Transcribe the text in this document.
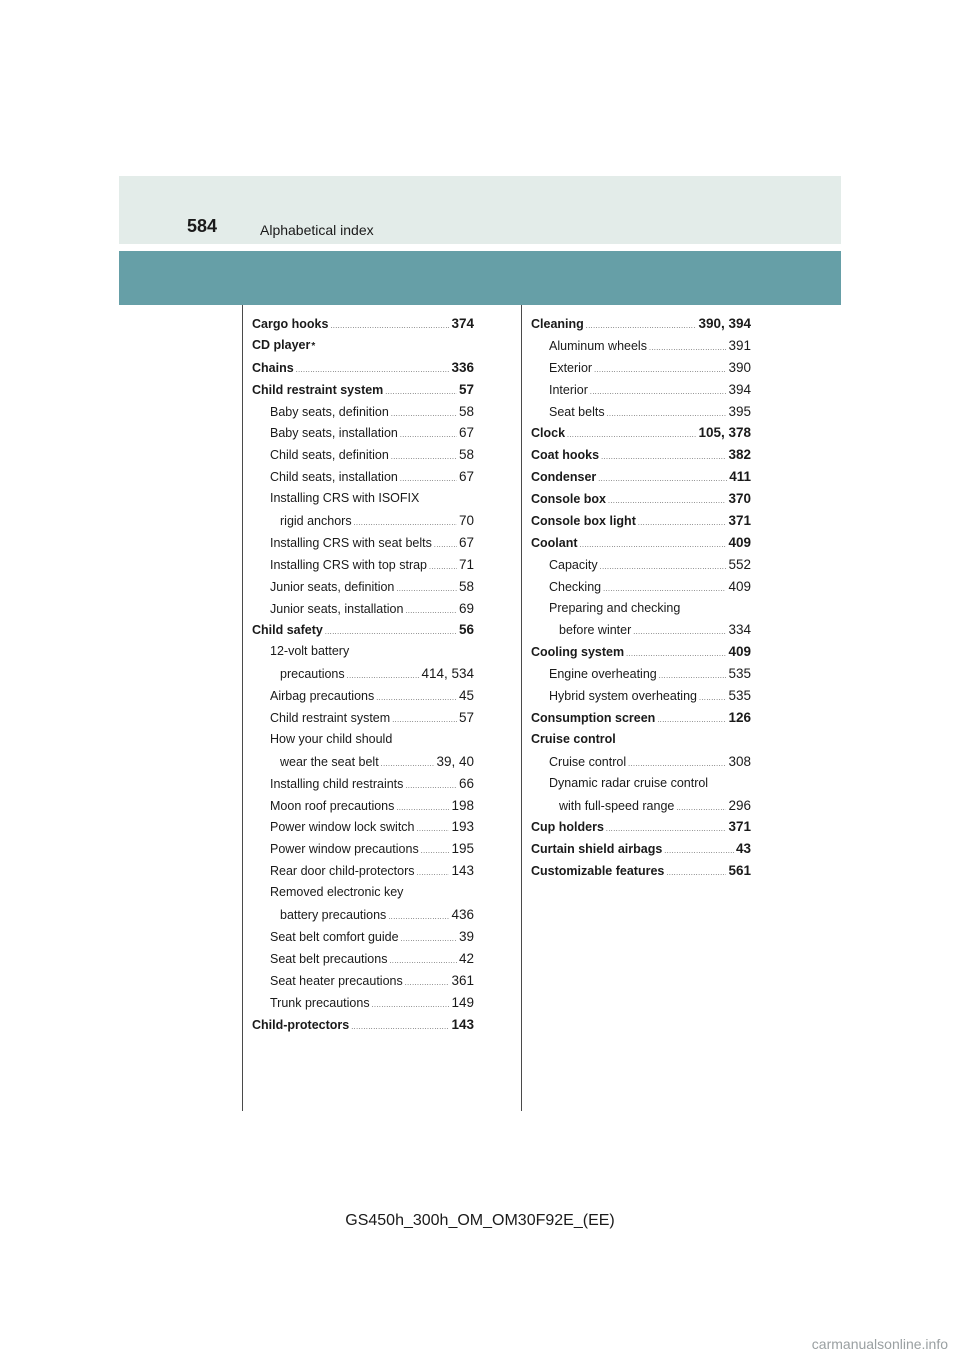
584	Alphabetical index
Cargo hooks .....	374
CD player *
Chains .....	336
Child restraint system .....	57
Baby seats, definition .....	58
Baby seats, installation .....	67
Child seats, definition .....	58
Child seats, installation .....	67
Installing CRS with ISOFIX
rigid anchors .....	70
Installing CRS with seat belts ..... 67
Installing CRS with top strap ..... 71
Junior seats, definition .....	58
Junior seats, installation .....	69
Child safety .....	56
12-volt battery
precautions .....	414, 534
Airbag precautions .....	45
Child restraint system .....	57
How your child should
wear the seat belt .....	39, 40
Installing child restraints .....	66
Moon roof precautions .....	198
Power window lock switch .....	193
Power window precautions ..... 195
Rear door child-protectors .....	143
Removed electronic key
battery precautions .....	436
Seat belt comfort guide .....	39
Seat belt precautions .....	42
Seat heater precautions .....	361
Trunk precautions .....	149
Child-protectors .....	143
Cleaning .....	390, 394
Aluminum wheels .....	391
Exterior .....	390
Interior .....	394
Seat belts .....	395
Clock .....	105, 378
Coat hooks .....	382
Condenser .....	411
Console box .....	370
Console box light .....	371
Coolant .....	409
Capacity .....	552
Checking .....	409
Preparing and checking
before winter .....	334
Cooling system .....	409
Engine overheating .....	535
Hybrid system overheating ..... 535
Consumption screen .....	126
Cruise control
Cruise control .....	308
Dynamic radar cruise control
with full-speed range .....	296
Cup holders .....	371
Curtain shield airbags .....	43
Customizable features .....	561
GS450h_300h_OM_OM30F92E_(EE)
carmanualsonline.info
